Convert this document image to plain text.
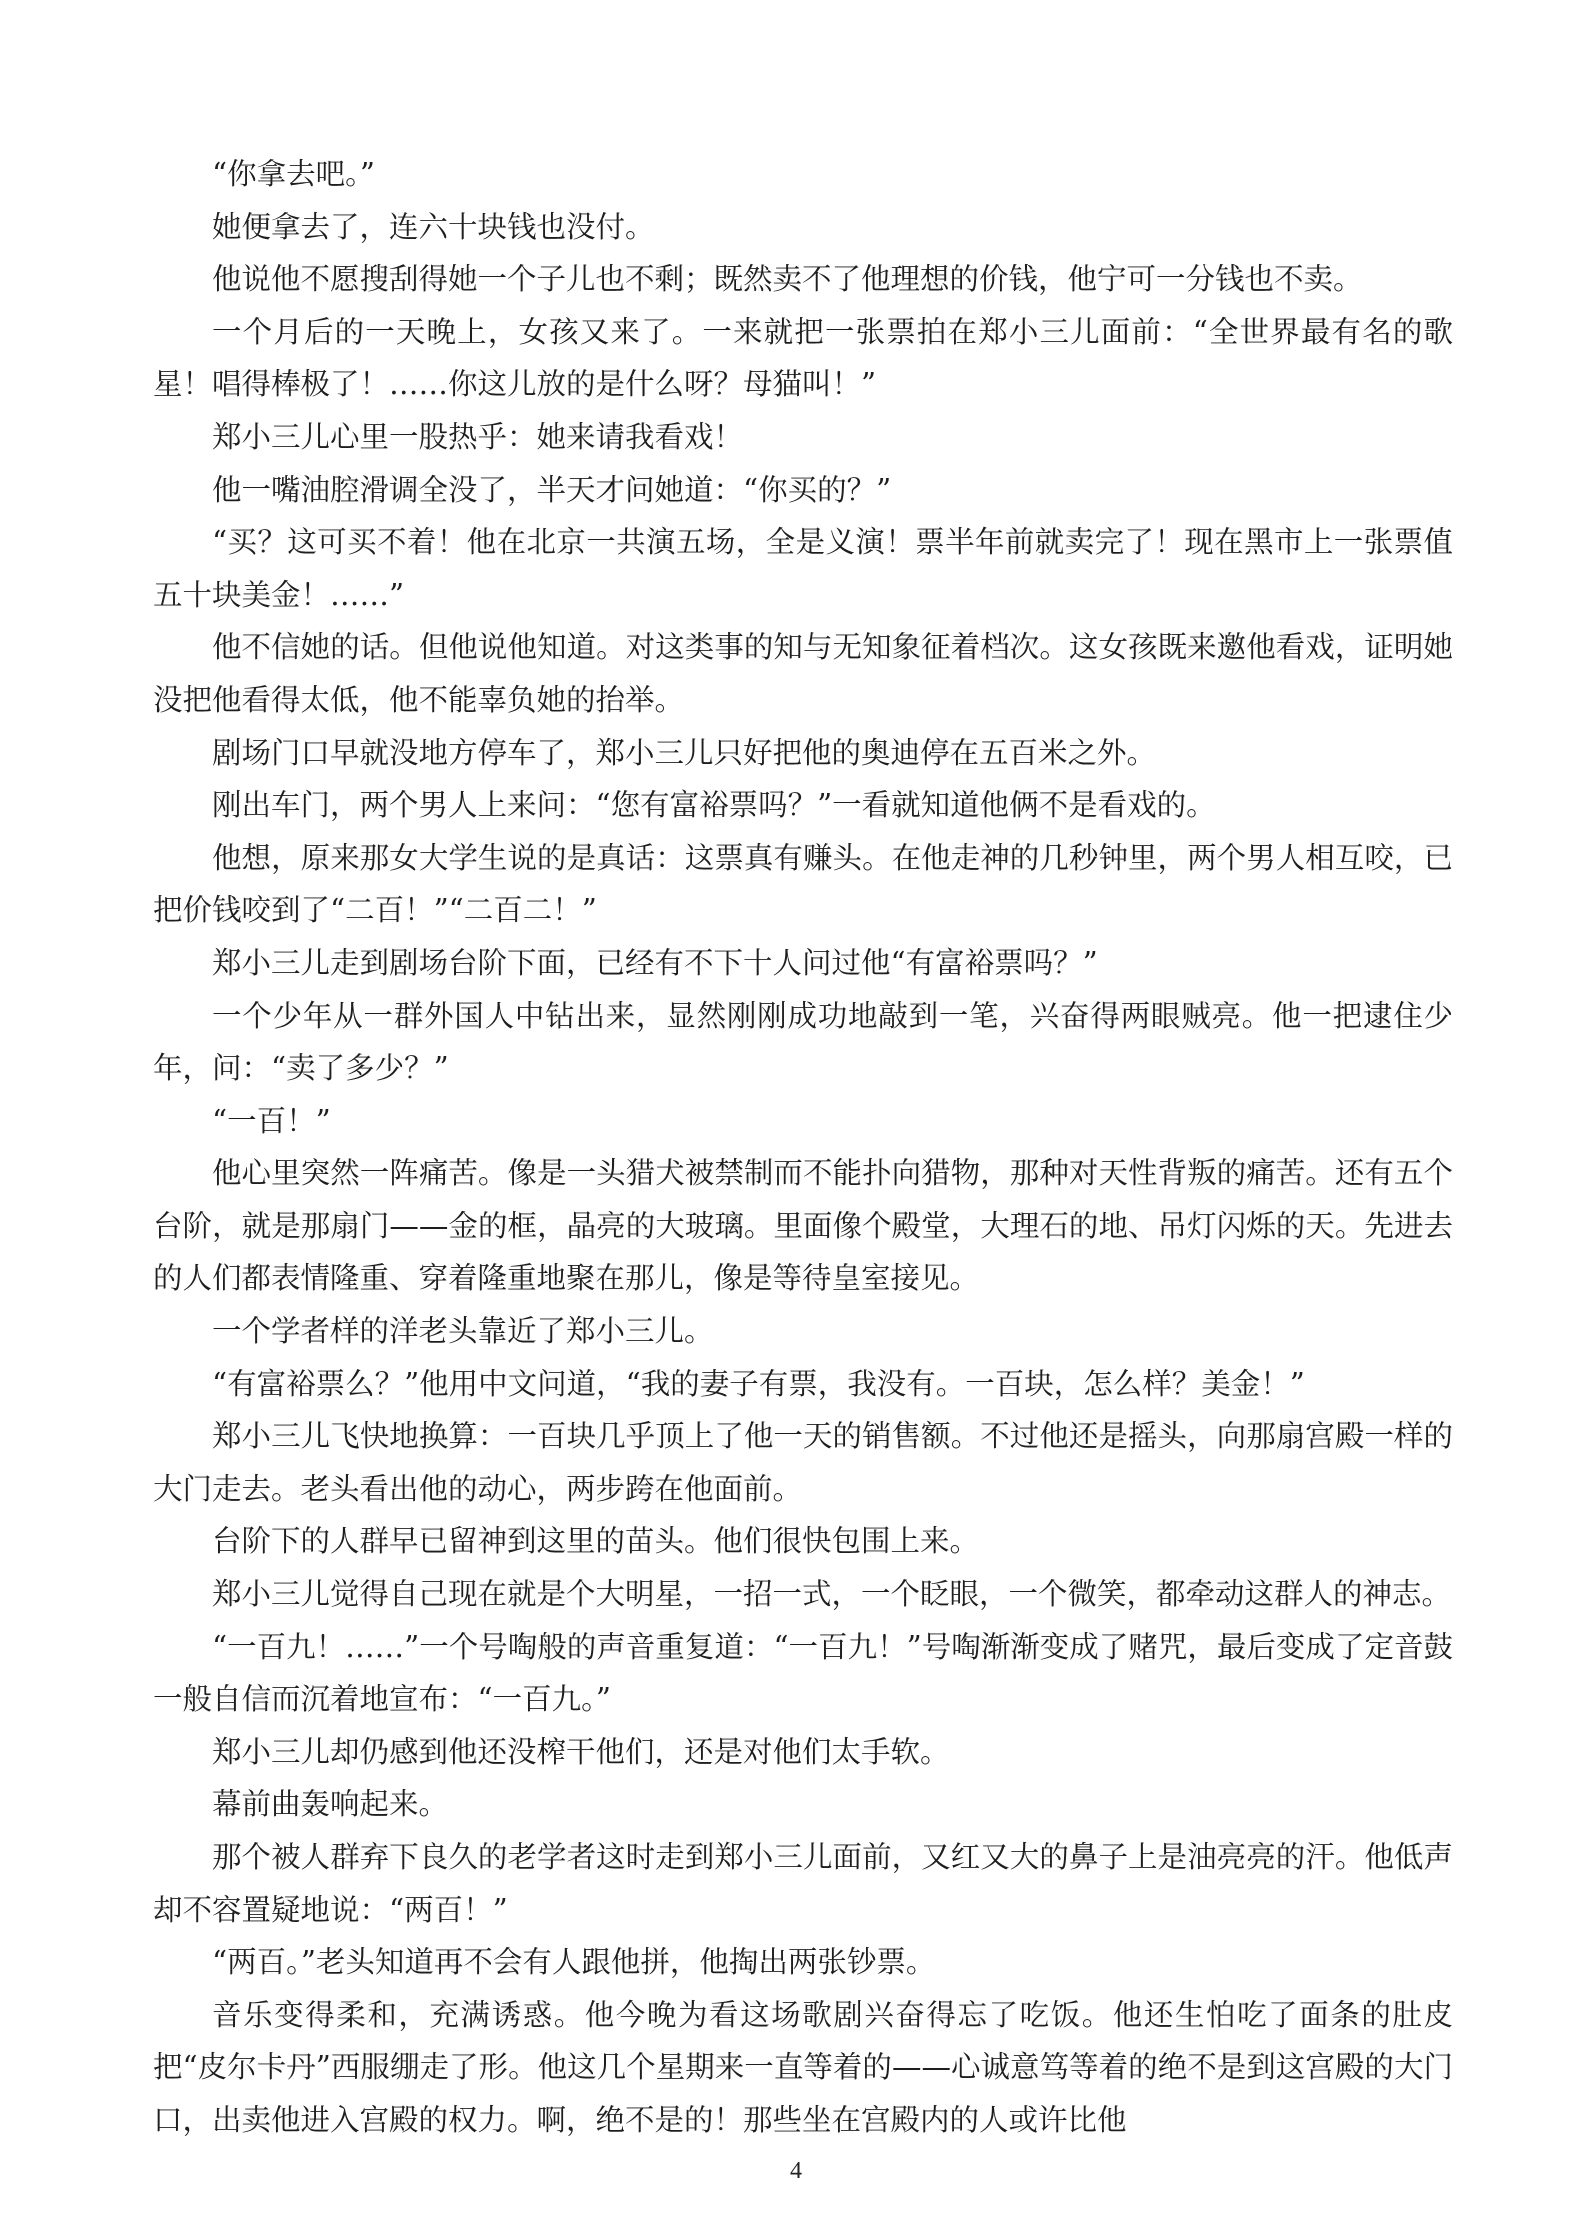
“你拿去吧。”

她便拿去了，连六十块钱也没付。

他说他不愿搜刮得她一个子儿也不剩；既然卖不了他理想的价钱，他宁可一分钱也不卖。

一个月后的一天晚上，女孩又来了。一来就把一张票拍在郑小三儿面前：“全世界最有名的歌星！唱得棒极了！……你这儿放的是什么呀？母猫叫！”

郑小三儿心里一股热乎：她来请我看戏！

他一嘴油腔滑调全没了，半天才问她道：“你买的？”

“买？这可买不着！他在北京一共演五场，全是义演！票半年前就卖完了！现在黑市上一张票值五十块美金！……”

他不信她的话。但他说他知道。对这类事的知与无知象征着档次。这女孩既来邀他看戏，证明她没把他看得太低，他不能辜负她的抬举。

剧场门口早就没地方停车了，郑小三儿只好把他的奥迪停在五百米之外。

刚出车门，两个男人上来问：“您有富裕票吗？”一看就知道他俩不是看戏的。

他想，原来那女大学生说的是真话：这票真有赚头。在他走神的几秒钟里，两个男人相互咬，已把价钱咬到了“二百！”“二百二！”

郑小三儿走到剧场台阶下面，已经有不下十人问过他“有富裕票吗？”

一个少年从一群外国人中钻出来，显然刚刚成功地敲到一笔，兴奋得两眼贼亮。他一把逮住少年，问：“卖了多少？”

“一百！”

他心里突然一阵痛苦。像是一头猎犬被禁制而不能扑向猎物，那种对天性背叛的痛苦。还有五个台阶，就是那扇门——金的框，晶亮的大玻璃。里面像个殿堂，大理石的地、吊灯闪烁的天。先进去的人们都表情隆重、穿着隆重地聚在那儿，像是等待皇室接见。

一个学者样的洋老头靠近了郑小三儿。

“有富裕票么？”他用中文问道，“我的妻子有票，我没有。一百块，怎么样？美金！”

郑小三儿飞快地换算：一百块几乎顶上了他一天的销售额。不过他还是摇头，向那扇宫殿一样的大门走去。老头看出他的动心，两步跨在他面前。

台阶下的人群早已留神到这里的苗头。他们很快包围上来。

郑小三儿觉得自己现在就是个大明星，一招一式，一个眨眼，一个微笑，都牵动这群人的神志。

“一百九！……”一个号啕般的声音重复道：“一百九！”号啕渐渐变成了赌咒，最后变成了定音鼓一般自信而沉着地宣布：“一百九。”

郑小三儿却仍感到他还没榨干他们，还是对他们太手软。

幕前曲轰响起来。

那个被人群弃下良久的老学者这时走到郑小三儿面前，又红又大的鼻子上是油亮亮的汗。他低声却不容置疑地说：“两百！”

“两百。”老头知道再不会有人跟他拼，他掏出两张钞票。

音乐变得柔和，充满诱惑。他今晚为看这场歌剧兴奋得忘了吃饭。他还生怕吃了面条的肚皮把“皮尔卡丹”西服绷走了形。他这几个星期来一直等着的——心诚意笃等着的绝不是到这宫殿的大门口，出卖他进入宫殿的权力。啊，绝不是的！那些坐在宫殿内的人或许比他

4
